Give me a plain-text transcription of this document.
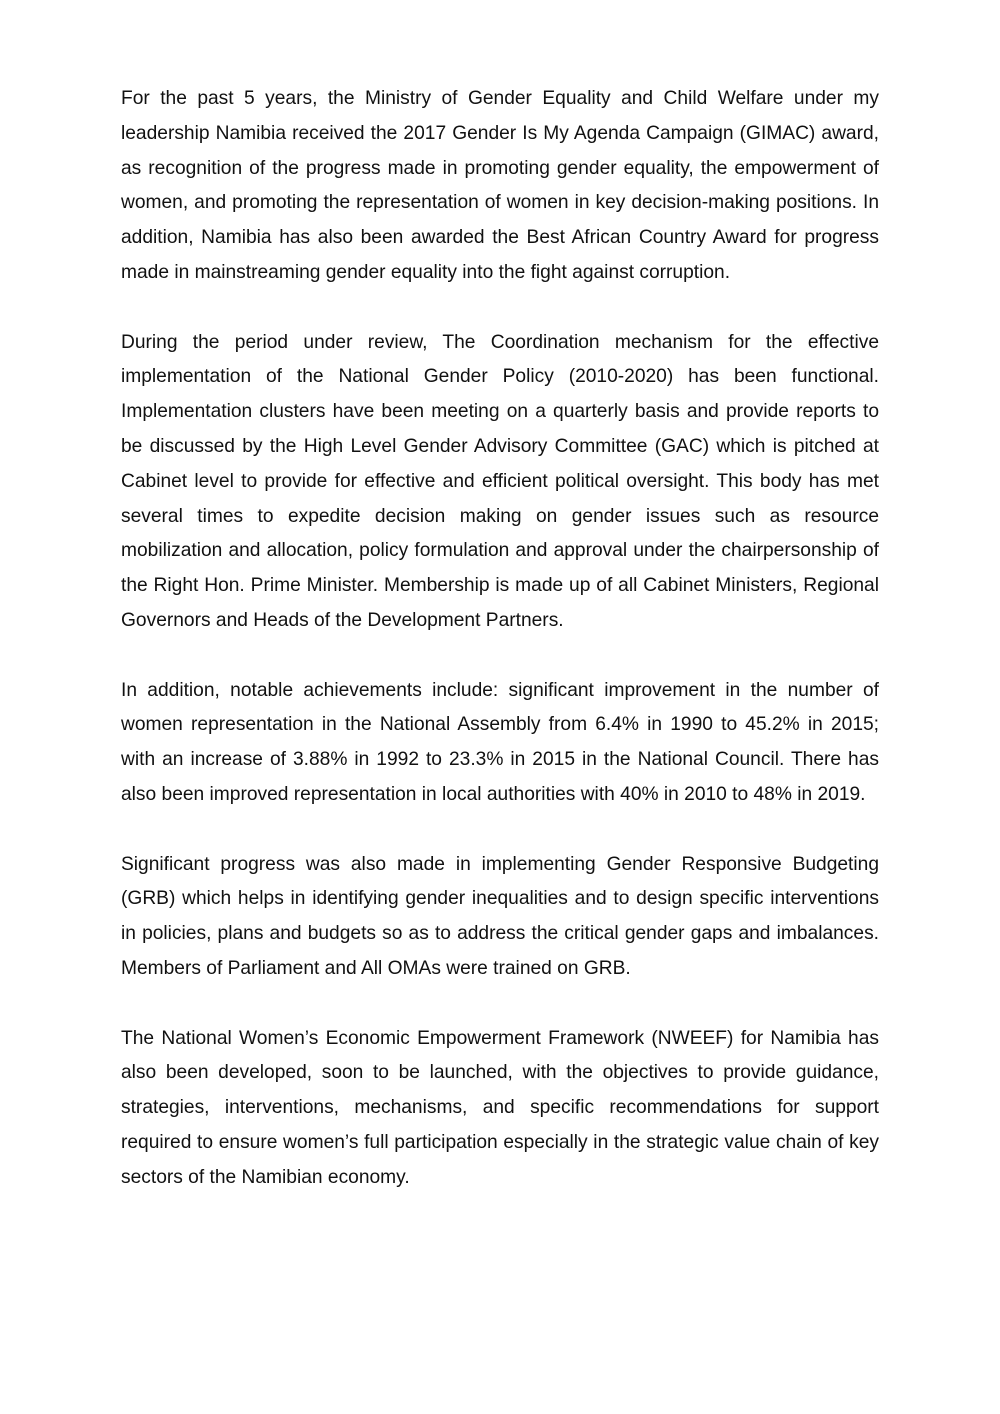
For the past 5 years, the Ministry of Gender Equality and Child Welfare under my leadership Namibia received the 2017 Gender Is My Agenda Campaign (GIMAC) award, as recognition of the progress made in promoting gender equality, the empowerment of women, and promoting the representation of women in key decision-making positions. In addition, Namibia has also been awarded the Best African Country Award for progress made in mainstreaming gender equality into the fight against corruption.

During the period under review, The Coordination mechanism for the effective implementation of the National Gender Policy (2010-2020) has been functional. Implementation clusters have been meeting on a quarterly basis and provide reports to be discussed by the High Level Gender Advisory Committee (GAC) which is pitched at Cabinet level to provide for effective and efficient political oversight. This body has met several times to expedite decision making on gender issues such as resource mobilization and allocation, policy formulation and approval under the chairpersonship of the Right Hon. Prime Minister. Membership is made up of all Cabinet Ministers, Regional Governors and Heads of the Development Partners.

In addition, notable achievements include: significant improvement in the number of women representation in the National Assembly from 6.4% in 1990 to 45.2% in 2015; with an increase of 3.88% in 1992 to 23.3% in 2015 in the National Council. There has also been improved representation in local authorities with 40% in 2010 to 48% in 2019.

Significant progress was also made in implementing Gender Responsive Budgeting (GRB) which helps in identifying gender inequalities and to design specific interventions in policies, plans and budgets so as to address the critical gender gaps and imbalances. Members of Parliament and All OMAs were trained on GRB.

The National Women’s Economic Empowerment Framework (NWEEF) for Namibia has also been developed, soon to be launched, with the objectives to provide guidance, strategies, interventions, mechanisms, and specific recommendations for support required to ensure women’s full participation especially in the strategic value chain of key sectors of the Namibian economy.
